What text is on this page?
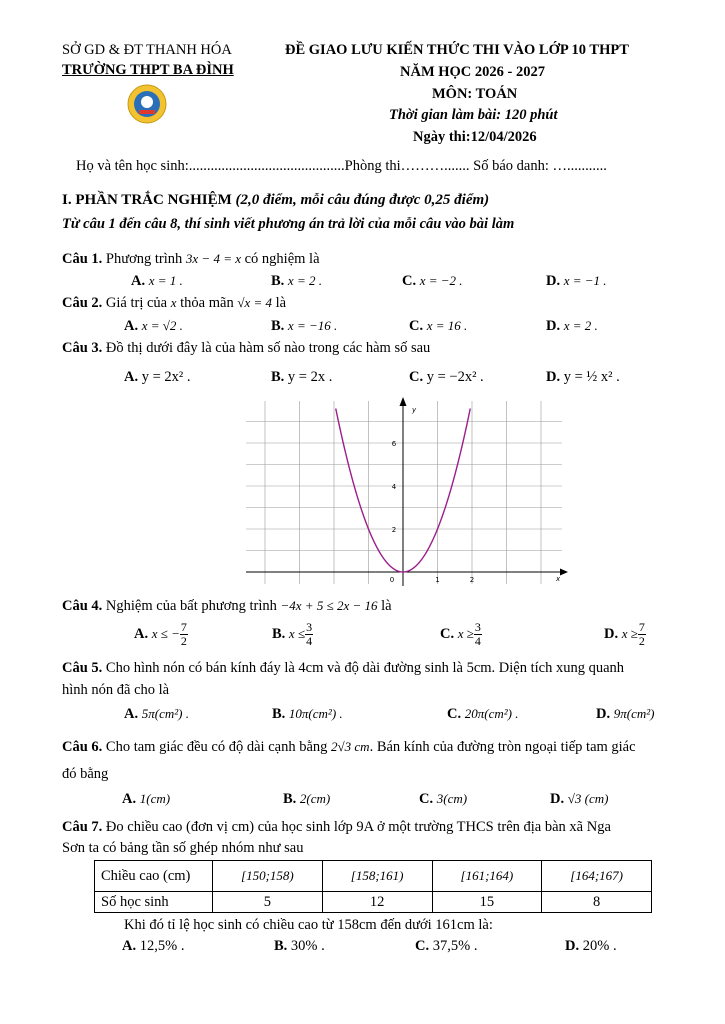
SỞ GD & ĐT THANH HÓA
TRƯỜNG THPT BA ĐÌNH
ĐỀ GIAO LƯU KIẾN THỨC THI VÀO LỚP 10 THPT
NĂM HỌC 2026 - 2027
MÔN: TOÁN
Thời gian làm bài: 120 phút
Ngày thi:12/04/2026
Họ và tên học sinh:...........................................Phòng thi………....... Số báo danh: …...........
I. PHẦN TRẮC NGHIỆM (2,0 điểm, mỗi câu đúng được 0,25 điểm)
Từ câu 1 đến câu 8, thí sinh viết phương án trả lời của mỗi câu vào bài làm
Câu 1. Phương trình 3x − 4 = x có nghiệm là
A. x = 1 .	B. x = 2 .	C. x = −2 .	D. x = −1 .
Câu 2. Giá trị của x thỏa mãn √x = 4 là
A. x = √2 .	B. x = −16 .	C. x = 16 .	D. x = 2 .
Câu 3. Đồ thị dưới đây là của hàm số nào trong các hàm số sau
A. y = 2x² .	B. y = 2x .	C. y = −2x² .	D. y = ½ x² .
x
y
0	1	2
2
4
6
Câu 4. Nghiệm của bất phương trình −4x + 5 ≤ 2x − 16 là
A. x ≤ − $\frac{7}{2}$	B. $x \le \frac{3}{4}$	C. $x \ge \frac{3}{4}$	D. $x \ge \frac{7}{2}$
Câu 5. Cho hình nón có bán kính đáy là 4cm và độ dài đường sinh là 5cm. Diện tích xung quanh
hình nón đã cho là
A. 5π(cm²) .	B. 10π(cm²) .	C. 20π(cm²) .	D. 9π(cm²)
Câu 6. Cho tam giác đều có độ dài cạnh bằng 2√3 cm. Bán kính của đường tròn ngoại tiếp tam giác
đó bằng
A. 1(cm)	B. 2(cm)	C. 3(cm)	D. √3 (cm)
Câu 7. Đo chiều cao (đơn vị cm) của học sinh lớp 9A ở một trường THCS trên địa bàn xã Nga
Sơn ta có bảng tần số ghép nhóm như sau
Chiều cao (cm)	[150;158)	[158;161)	[161;164)	[164;167)
Số học sinh	5	12	15	8
Khi đó tỉ lệ học sinh có chiều cao từ 158cm đến dưới 161cm là:
A. 12,5% .	B. 30% .	C. 37,5% .	D. 20% .
